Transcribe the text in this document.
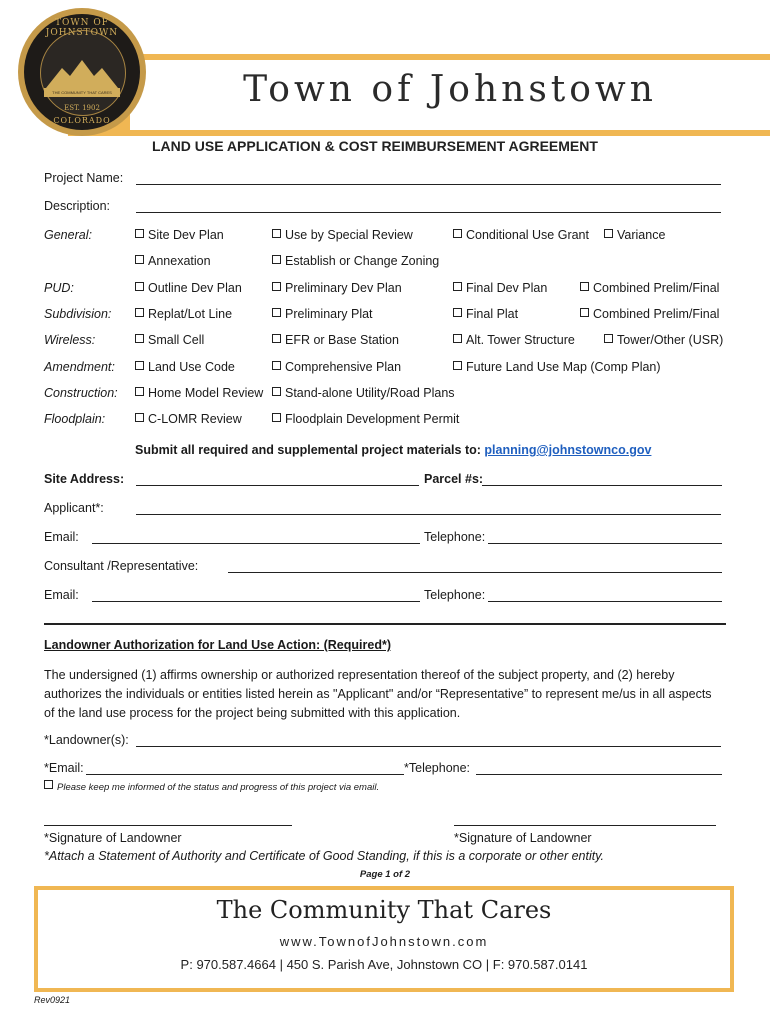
Town of Johnstown
THE COMMUNITY THAT CARES
TOWN OF JOHNSTOWN
EST. 1902
COLORADO
LAND USE APPLICATION & COST REIMBURSEMENT AGREEMENT
Project Name:
Description:
General:	Site Dev Plan	Use by Special Review	Conditional Use Grant	Variance
Annexation	Establish or Change Zoning
PUD:	Outline Dev Plan	Preliminary Dev Plan	Final Dev Plan	Combined Prelim/Final
Subdivision:	Replat/Lot Line	Preliminary Plat	Final Plat	Combined Prelim/Final
Wireless:	Small Cell	EFR or Base Station	Alt. Tower Structure	Tower/Other (USR)
Amendment:	Land Use Code	Comprehensive Plan	Future Land Use Map (Comp Plan)
Construction:	Home Model Review	Stand-alone Utility/Road Plans
Floodplain:	C-LOMR Review	Floodplain Development Permit
Submit all required and supplemental project materials to: planning@johnstownco.gov
Site Address:	Parcel #s:
Applicant*:
Email:	Telephone:
Consultant /Representative:
Email:	Telephone:
Landowner Authorization for Land Use Action: (Required*)
The undersigned (1) affirms ownership or authorized representation thereof of the subject property, and (2) hereby authorizes the individuals or entities listed herein as "Applicant" and/or “Representative” to represent me/us in all aspects of the land use process for the project being submitted with this application.
*Landowner(s):
*Email:	*Telephone:
Please keep me informed of the status and progress of this project via email.
*Signature of Landowner	*Signature of Landowner
*Attach a Statement of Authority and Certificate of Good Standing, if this is a corporate or other entity.
Page 1 of 2
The Community That Cares
www.TownofJohnstown.com
P: 970.587.4664 | 450 S. Parish Ave, Johnstown CO | F: 970.587.0141
Rev0921
